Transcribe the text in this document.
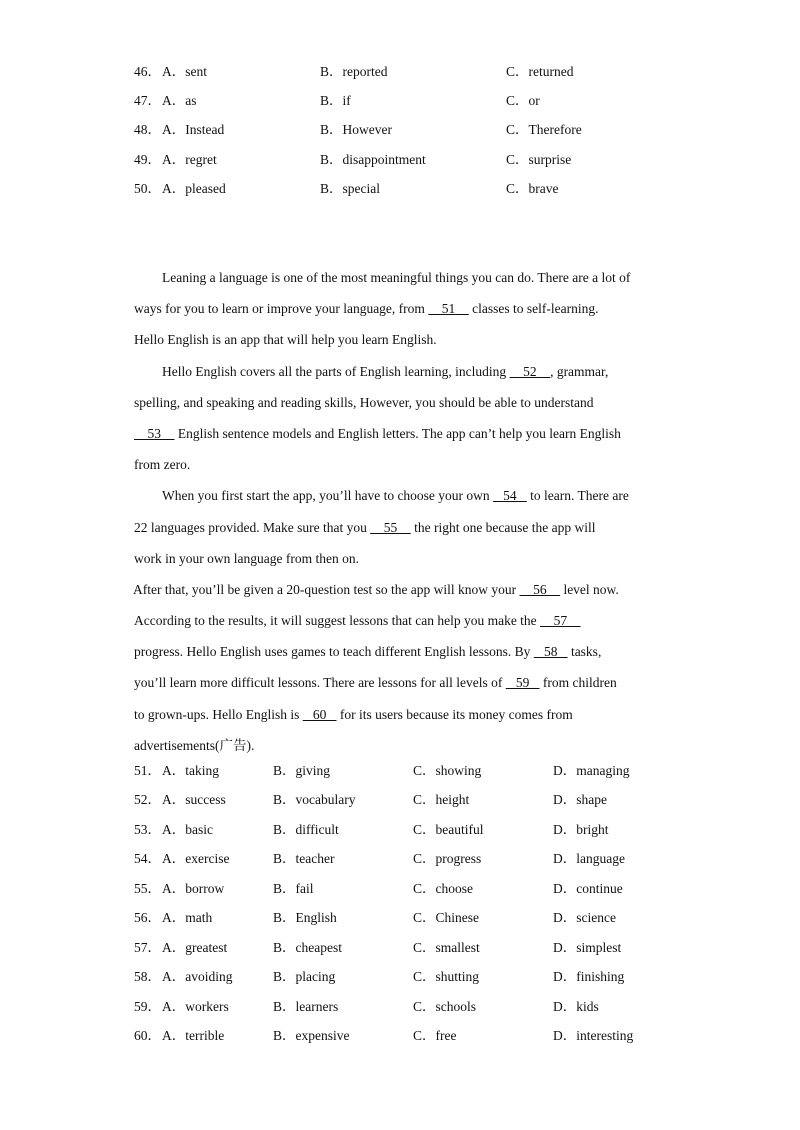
46． A．sent	B．reported	C．returned
47． A．as	B．if	C．or
48． A．Instead	B．However	C．Therefore
49． A．regret	B．disappointment	C．surprise
50． A．pleased	B．special	C．brave
Leaning a language is one of the most meaningful things you can do. There are a lot of
ways for you to learn or improve your language, from     51     classes to self-learning.
Hello English is an app that will help you learn English.
Hello English covers all the parts of English learning, including     52    , grammar,
spelling, and speaking and reading skills, However, you should be able to understand
53     English sentence models and English letters. The app can’t help you learn English
from zero.
When you first start the app, you’ll have to choose your own    54    to learn. There are
22 languages provided. Make sure that you     55     the right one because the app will
work in your own language from then on.
After that, you’ll be given a 20-question test so the app will know your     56     level now.
According to the results, it will suggest lessons that can help you make the     57
progress. Hello English uses games to teach different English lessons. By    58    tasks,
you’ll learn more difficult lessons. There are lessons for all levels of    59    from children
to grown-ups. Hello English is    60    for its users because its money comes from
advertisements(广告).
51． A．taking	B．giving	C．showing	D．managing
52． A．success	B．vocabulary	C．height	D．shape
53． A．basic	B．difficult	C．beautiful	D．bright
54． A．exercise	B．teacher	C．progress	D．language
55． A．borrow	B．fail	C．choose	D．continue
56． A．math	B．English	C．Chinese	D．science
57． A．greatest	B．cheapest	C．smallest	D．simplest
58． A．avoiding	B．placing	C．shutting	D．finishing
59． A．workers	B．learners	C．schools	D．kids
60． A．terrible	B．expensive	C．free	D．interesting
